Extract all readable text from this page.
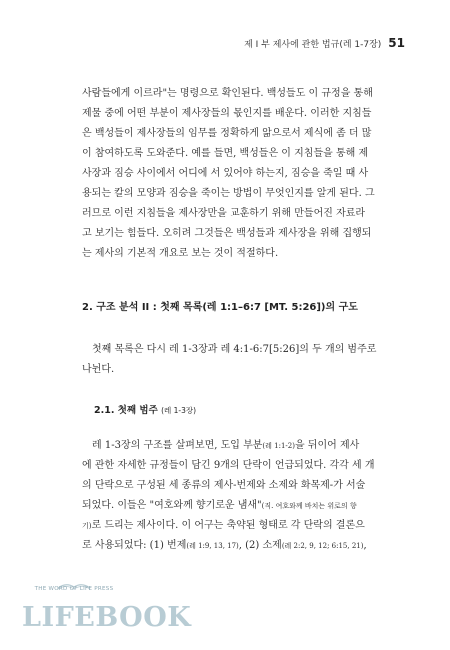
제 I 부 제사에 관한 법규(레 1-7장) 51
사람들에게 이르라"는 명령으로 확인된다. 백성들도 이 규정을 통해
제물 중에 어떤 부분이 제사장들의 몫인지를 배운다. 이러한 지침들
은 백성들이 제사장들의 임무를 정확하게 앎으로서 제식에 좀 더 많
이 참여하도록 도와준다. 예를 들면, 백성들은 이 지침들을 통해 제
사장과 짐승 사이에서 어디에 서 있어야 하는지, 짐승을 죽일 때 사
용되는 칼의 모양과 짐승을 죽이는 방법이 무엇인지를 알게 된다. 그
러므로 이런 지침들을 제사장만을 교훈하기 위해 만들어진 자료라
고 보기는 힘들다. 오히려 그것들은 백성들과 제사장을 위해 집행되
는 제사의 기본적 개요로 보는 것이 적절하다.
2. 구조 분석 II : 첫째 목록(레 1:1–6:7 [MT. 5:26])의 구도
첫째 목록은 다시 레 1-3장과 레 4:1-6:7[5:26]의 두 개의 범주로
나뉜다.
2.1. 첫째 범주 (레 1-3장)
레 1-3장의 구조를 살펴보면, 도입 부분(레 1:1-2)을 뒤이어 제사
에 관한 자세한 규정들이 담긴 9개의 단락이 언급되었다. 각각 세 개
의 단락으로 구성된 세 종류의 제사-번제와 소제와 화목제-가 서술
되었다. 이들은 "여호와께 향기로운 냄새"(직. 여호와께 바치는 위로의 향
기)로 드리는 제사이다. 이 어구는 축약된 형태로 각 단락의 결론으
로 사용되었다: (1) 번제(레 1:9, 13, 17), (2) 소제(레 2:2, 9, 12; 6:15, 21),
THE WORD OF LIFE PRESS
LIFEBOOK
